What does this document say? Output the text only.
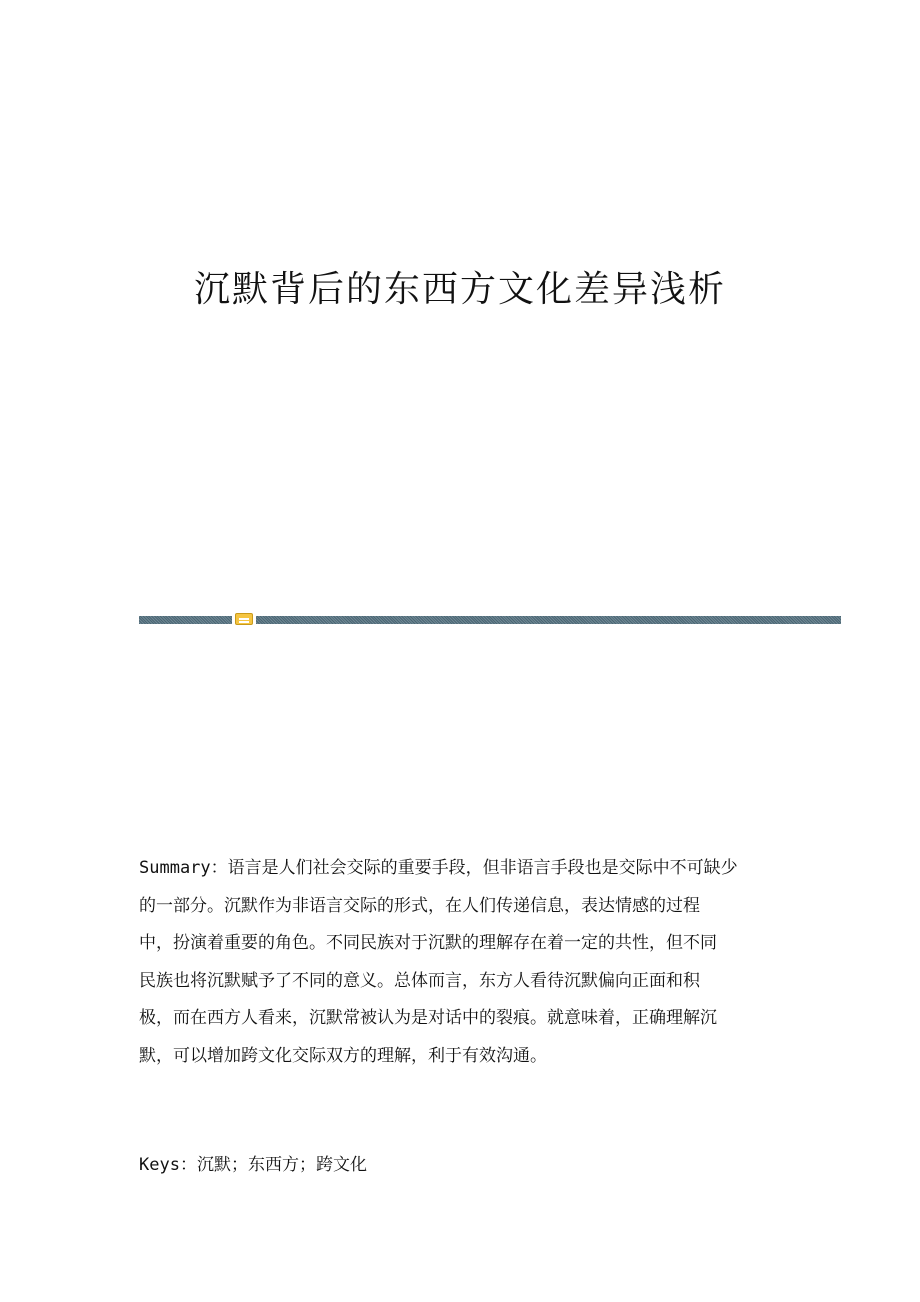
沉默背后的东西方文化差异浅析

Summary：语言是人们社会交际的重要手段，但非语言手段也是交际中不可缺少
的一部分。沉默作为非语言交际的形式，在人们传递信息，表达情感的过程
中，扮演着重要的角色。不同民族对于沉默的理解存在着一定的共性，但不同
民族也将沉默赋予了不同的意义。总体而言，东方人看待沉默偏向正面和积
极，而在西方人看来，沉默常被认为是对话中的裂痕。就意味着，正确理解沉
默，可以增加跨文化交际双方的理解，利于有效沟通。

Keys：沉默；东西方；跨文化
